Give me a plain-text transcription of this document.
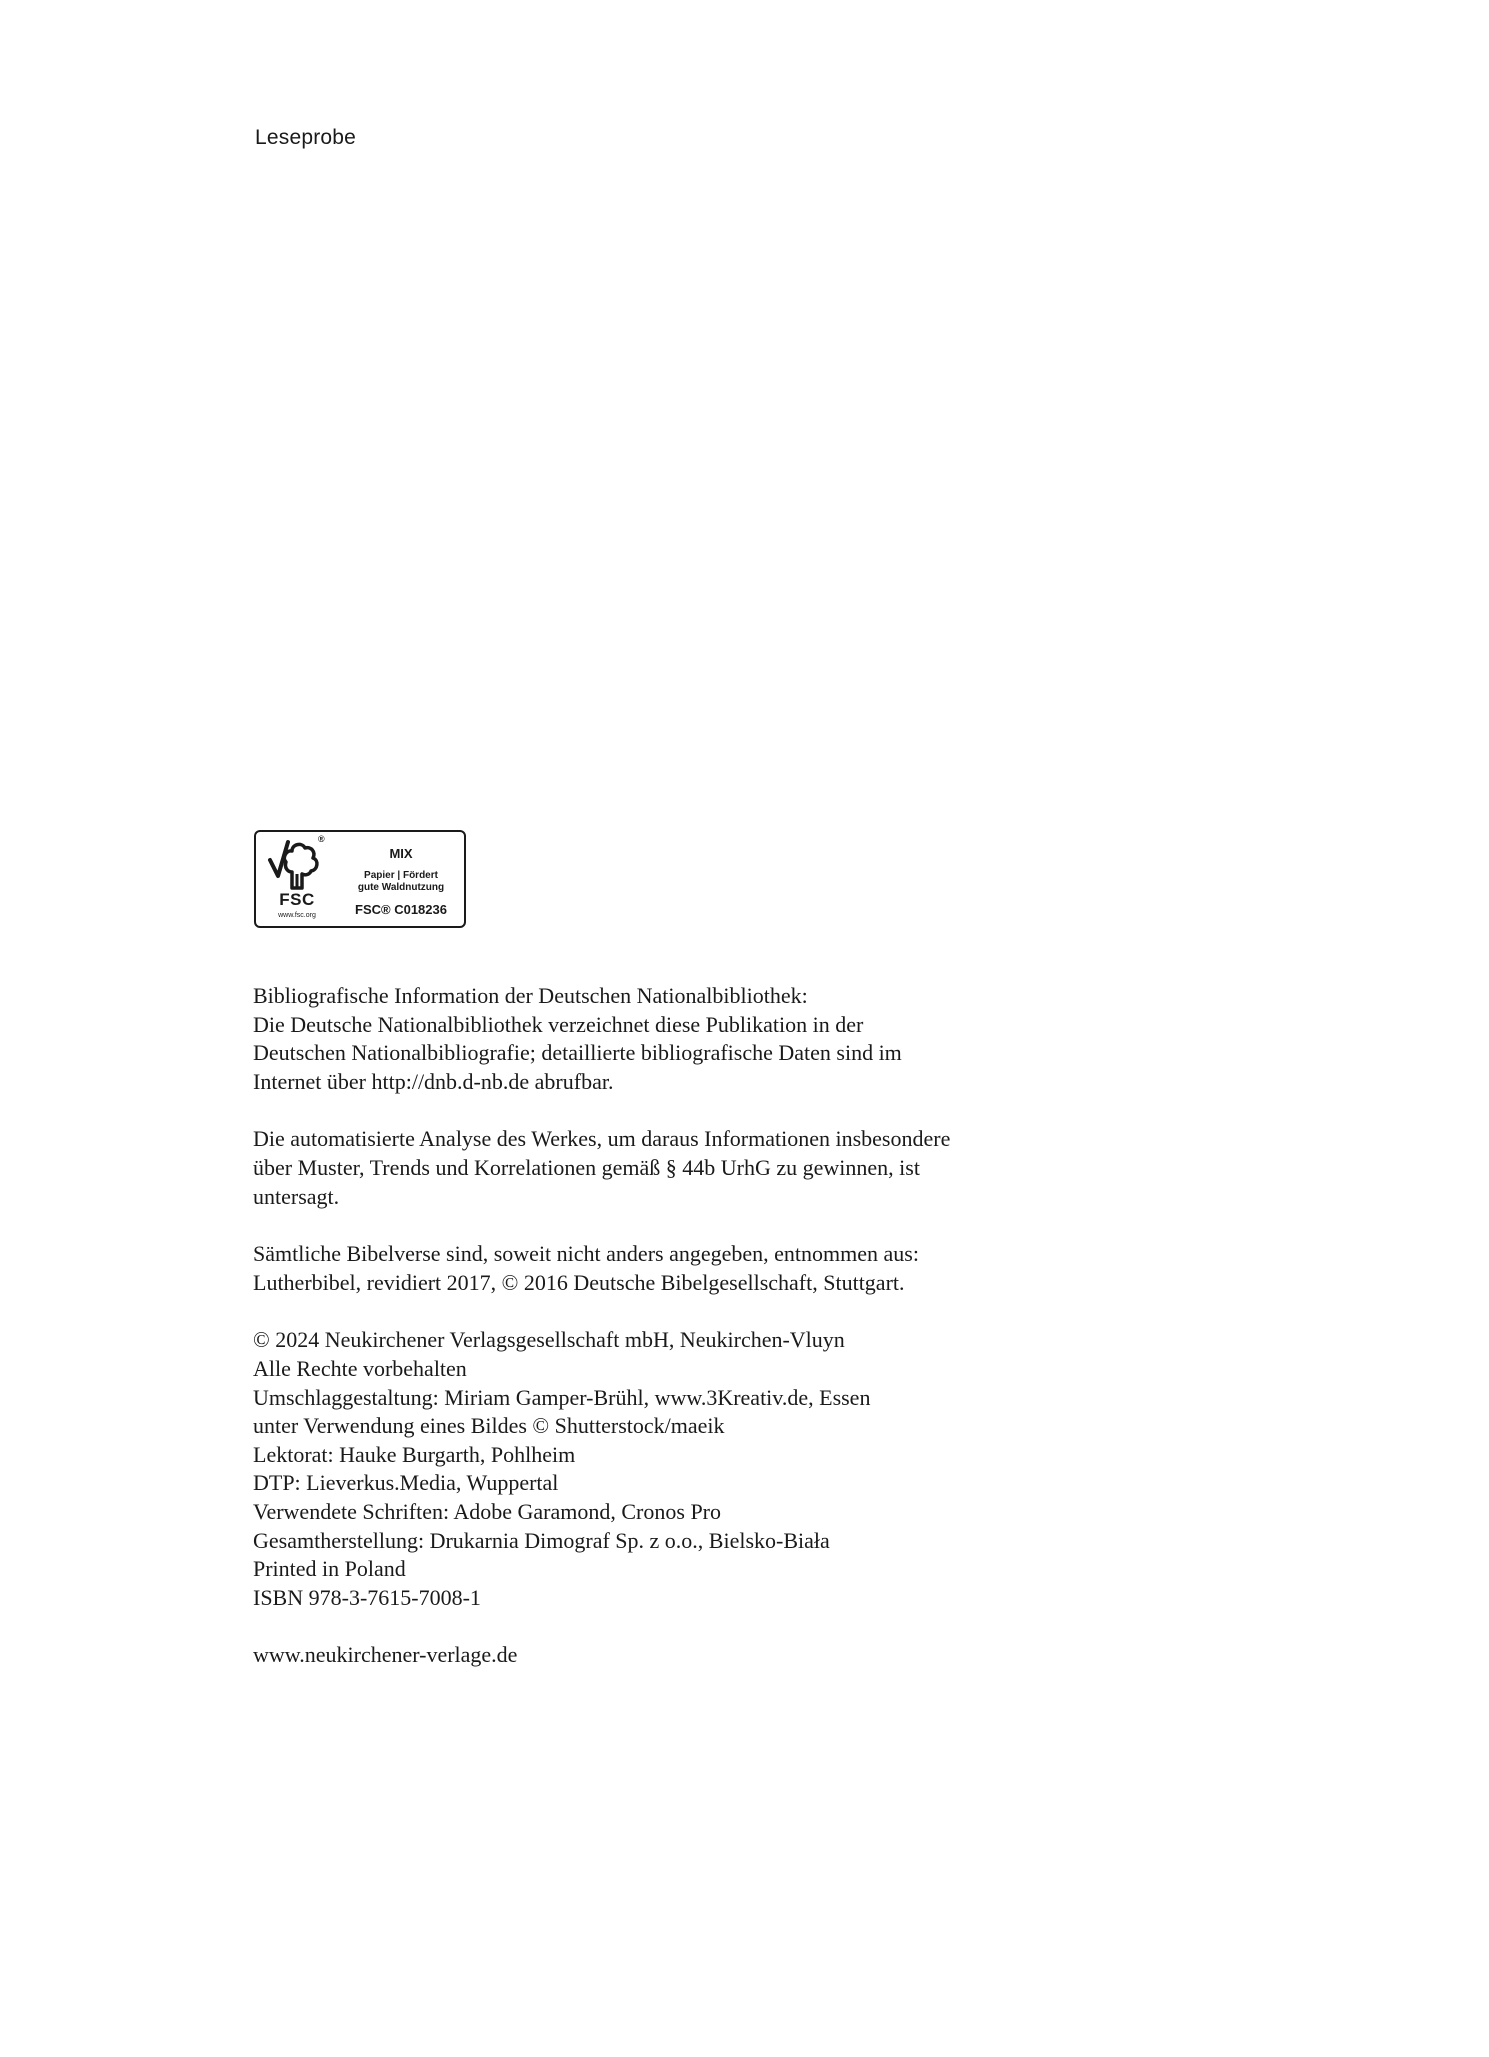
Leseprobe
®
FSC
www.fsc.org
MIX
Papier | Fördert
gute Waldnutzung
FSC® C018236

Bibliografische Information der Deutschen Nationalbibliothek:
Die Deutsche Nationalbibliothek verzeichnet diese Publikation in der
Deutschen Nationalbibliografie; detaillierte bibliografische Daten sind im
Internet über http://dnb.d-nb.de abrufbar.

Die automatisierte Analyse des Werkes, um daraus Informationen insbesondere
über Muster, Trends und Korrelationen gemäß § 44b UrhG zu gewinnen, ist
untersagt.

Sämtliche Bibelverse sind, soweit nicht anders angegeben, entnommen aus:
Lutherbibel, revidiert 2017, © 2016 Deutsche Bibelgesellschaft, Stuttgart.

© 2024 Neukirchener Verlagsgesellschaft mbH, Neukirchen-Vluyn
Alle Rechte vorbehalten
Umschlaggestaltung: Miriam Gamper-Brühl, www.3Kreativ.de, Essen
unter Verwendung eines Bildes © Shutterstock/maeik
Lektorat: Hauke Burgarth, Pohlheim
DTP: Lieverkus.Media, Wuppertal
Verwendete Schriften: Adobe Garamond, Cronos Pro
Gesamtherstellung: Drukarnia Dimograf Sp. z o.o., Bielsko-Biała
Printed in Poland
ISBN 978-3-7615-7008-1

www.neukirchener-verlage.de
